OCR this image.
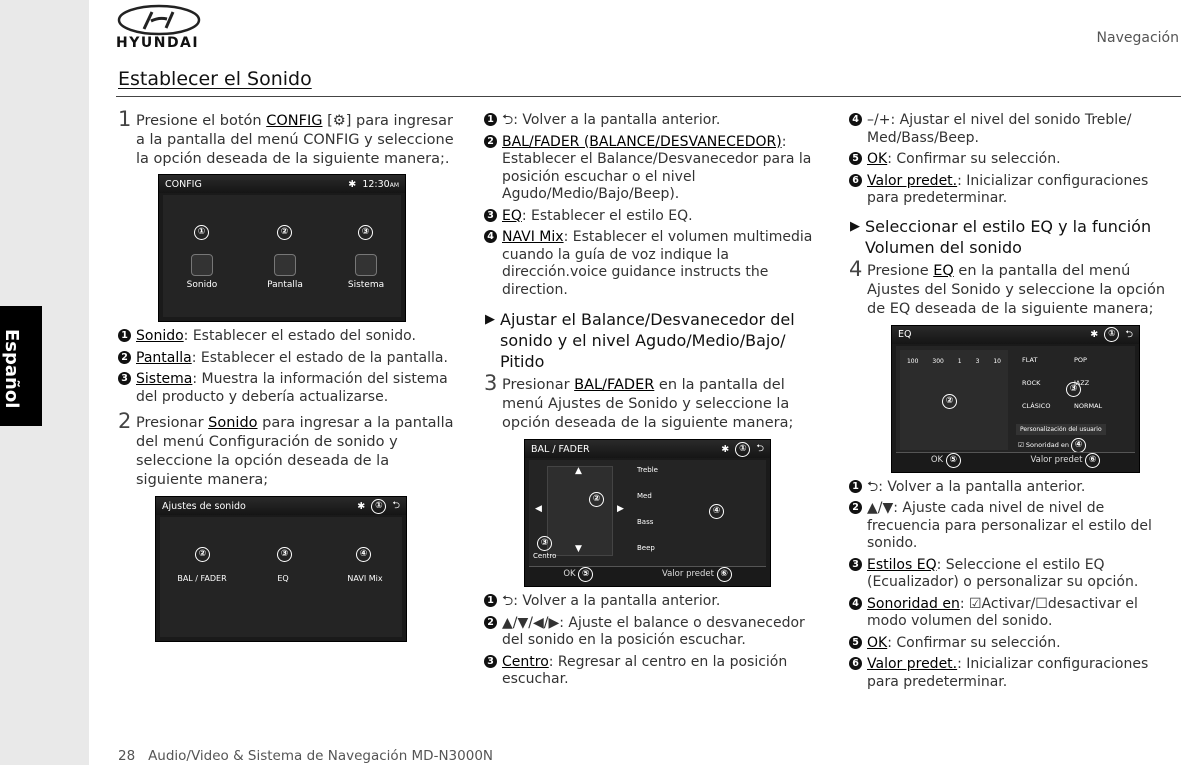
Español
HYUNDAI	Navegación
Establecer el Sonido
1 Presione el botón CONFIG [⚙] para ingresar a la pantalla del menú CONFIG y seleccione la opción deseada de la siguiente manera;.
CONFIG	✱ 12:30AM
①	②	③
Sonido	Pantalla	Sistema
1 Sonido: Establecer el estado del sonido.
2 Pantalla: Establecer el estado de la pantalla.
3 Sistema: Muestra la información del sistema del producto y debería actualizarse.
2 Presionar Sonido para ingresar a la pantalla del menú Configuración de sonido y seleccione la opción deseada de la siguiente manera;
Ajustes de sonido	✱	①	⮌
②	③	④
BAL / FADER	EQ	NAVI Mix
1 ⮌: Volver a la pantalla anterior.
2 BAL/FADER (BALANCE/DESVANECEDOR): Establecer el Balance/Desvanecedor para la posición escuchar o el nivel Agudo/Medio/Bajo/Beep).
3 EQ: Establecer el estilo EQ.
4 NAVI Mix: Establecer el volumen multimedia cuando la guía de voz indique la dirección.voice guidance instructs the direction.
▶ Ajustar el Balance/Desvanecedor del sonido y el nivel Agudo/Medio/Bajo/ Pitido
3 Presionar BAL/FADER en la pantalla del menú Ajustes de Sonido y seleccione la opción deseada de la siguiente manera;
BAL / FADER	✱	①	⮌
▲
▼
◀	▶
②
③
Centro
Treble
Med
Bass
Beep
④
OK ⑤	Valor predet ⑥
1 ⮌: Volver a la pantalla anterior.
2 ▲/▼/◀/▶: Ajuste el balance o desvanecedor del sonido en la posición escuchar.
3 Centro: Regresar al centro en la posición escuchar.
4 –/+: Ajustar el nivel del sonido Treble/ Med/Bass/Beep.
5 OK: Confirmar su selección.
6 Valor predet.: Inicializar configuraciones para predeterminar.
▶ Seleccionar el estilo EQ y la función Volumen del sonido
4 Presione EQ en la pantalla del menú Ajustes del Sonido y seleccione la opción de EQ deseada de la siguiente manera;
EQ	✱	①	⮌
100 300 1 3 10
②
FLAT	POP
ROCK	JAZZ
CLÁSICO	NORMAL
③
Personalización del usuario
☑ Sonoridad en ④
OK ⑤	Valor predet ⑥
1 ⮌: Volver a la pantalla anterior.
2 ▲/▼: Ajuste cada nivel de nivel de frecuencia para personalizar el estilo del sonido.
3 Estilos EQ: Seleccione el estilo EQ (Ecualizador) o personalizar su opción.
4 Sonoridad en: ☑Activar/☐desactivar el modo volumen del sonido.
5 OK: Confirmar su selección.
6 Valor predet.: Inicializar configuraciones para predeterminar.
28 Audio/Video & Sistema de Navegación MD-N3000N
